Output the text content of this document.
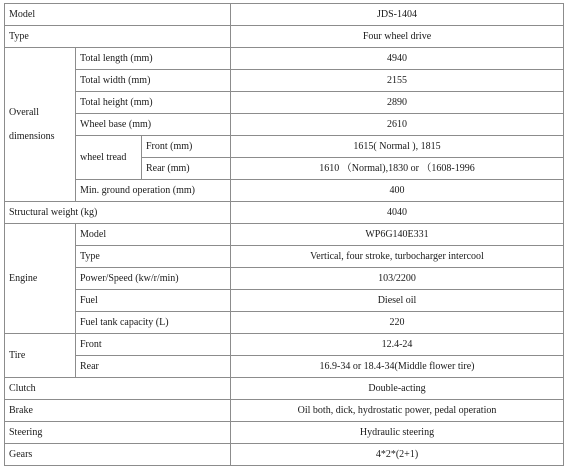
Model			JDS-1404
Type			Four wheel drive
Overall

dimensions	Total length (mm)		4940
	Total width (mm)		2155
	Total height (mm)		2890
	Wheel base (mm)		2610
	wheel tread	Front (mm)	1615( Normal ), 1815
		Rear (mm)	1610 （Normal),1830 or （1608-1996
	Min. ground operation (mm)		400
Structural weight (kg)			4040
Engine	Model		WP6G140E331
	Type		Vertical, four stroke, turbocharger intercool
	Power/Speed (kw/r/min)		103/2200
	Fuel		Diesel oil
	Fuel tank capacity (L)		220
Tire	Front		12.4-24
	Rear		16.9-34 or 18.4-34(Middle flower tire)
Clutch			Double-acting
Brake			Oil both, dick, hydrostatic power, pedal operation
Steering			Hydraulic steering
Gears			4*2*(2+1)
